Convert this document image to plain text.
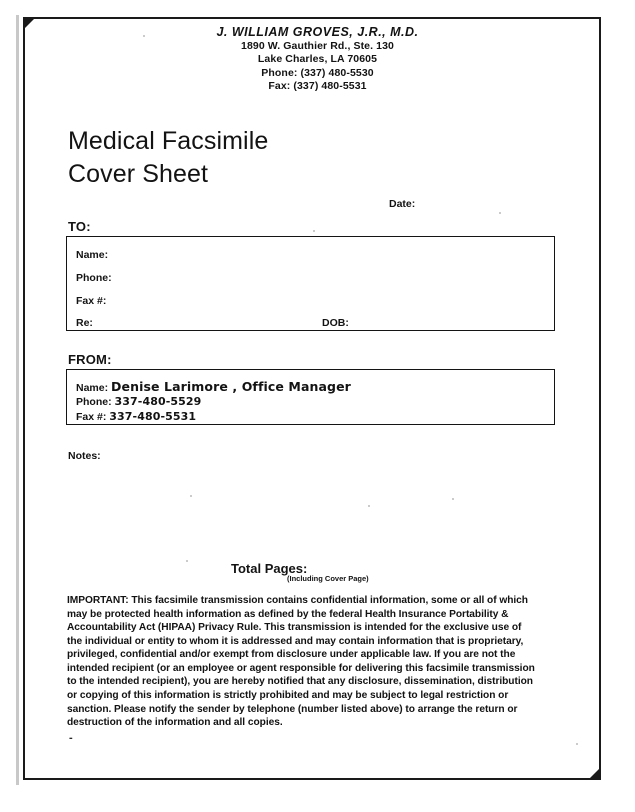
J. WILLIAM GROVES, J.R., M.D.
1890 W. Gauthier Rd., Ste. 130
Lake Charles, LA 70605
Phone: (337) 480-5530
Fax: (337) 480-5531
Medical Facsimile
Cover Sheet
Date:
TO:
Name:
Phone:
Fax #:
Re:	DOB:
FROM:
Name: Denise Larimore , Office Manager
Phone: 337-480-5529
Fax #: 337-480-5531
Notes:
Total Pages:
(Including Cover Page)
IMPORTANT: This facsimile transmission contains confidential information, some or all of which may be protected health information as defined by the federal Health Insurance Portability & Accountability Act (HIPAA) Privacy Rule. This transmission is intended for the exclusive use of the individual or entity to whom it is addressed and may contain information that is proprietary, privileged, confidential and/or exempt from disclosure under applicable law. If you are not the intended recipient (or an employee or agent responsible for delivering this facsimile transmission to the intended recipient), you are hereby notified that any disclosure, dissemination, distribution or copying of this information is strictly prohibited and may be subject to legal restriction or sanction. Please notify the sender by telephone (number listed above) to arrange the return or destruction of the information and all copies.
-
